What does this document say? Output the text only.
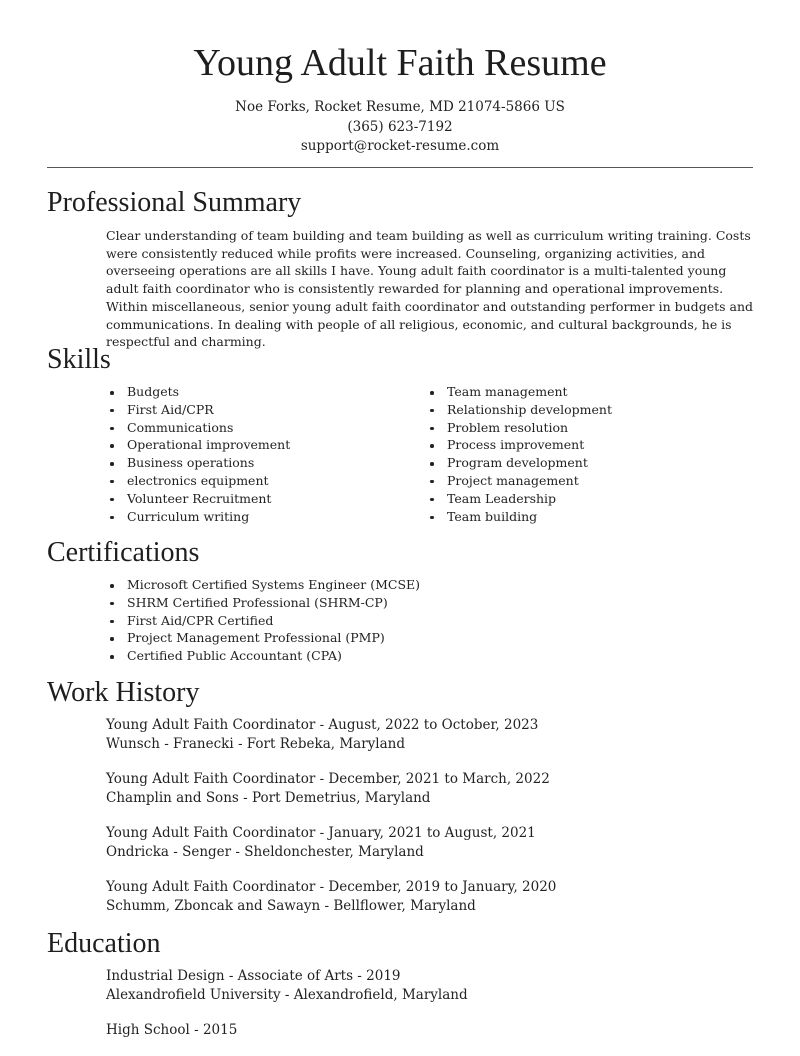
Young Adult Faith Resume
Noe Forks, Rocket Resume, MD 21074-5866 US
(365) 623-7192
support@rocket-resume.com
Professional Summary

Clear understanding of team building and team building as well as curriculum writing training. Costs were consistently reduced while profits were increased. Counseling, organizing activities, and overseeing operations are all skills I have. Young adult faith coordinator is a multi-talented young adult faith coordinator who is consistently rewarded for planning and operational improvements. Within miscellaneous, senior young adult faith coordinator and outstanding performer in budgets and communications. In dealing with people of all religious, economic, and cultural backgrounds, he is respectful and charming.

Skills
Budgets
First Aid/CPR
Communications
Operational improvement
Business operations
electronics equipment
Volunteer Recruitment
Curriculum writing
Team management
Relationship development
Problem resolution
Process improvement
Program development
Project management
Team Leadership
Team building
Certifications
Microsoft Certified Systems Engineer (MCSE)
SHRM Certified Professional (SHRM-CP)
First Aid/CPR Certified
Project Management Professional (PMP)
Certified Public Accountant (CPA)
Work History
Young Adult Faith Coordinator - August, 2022 to October, 2023
Wunsch - Franecki - Fort Rebeka, Maryland
Young Adult Faith Coordinator - December, 2021 to March, 2022
Champlin and Sons - Port Demetrius, Maryland
Young Adult Faith Coordinator - January, 2021 to August, 2021
Ondricka - Senger - Sheldonchester, Maryland
Young Adult Faith Coordinator - December, 2019 to January, 2020
Schumm, Zboncak and Sawayn - Bellflower, Maryland
Education
Industrial Design - Associate of Arts - 2019
Alexandrofield University - Alexandrofield, Maryland
High School - 2015
